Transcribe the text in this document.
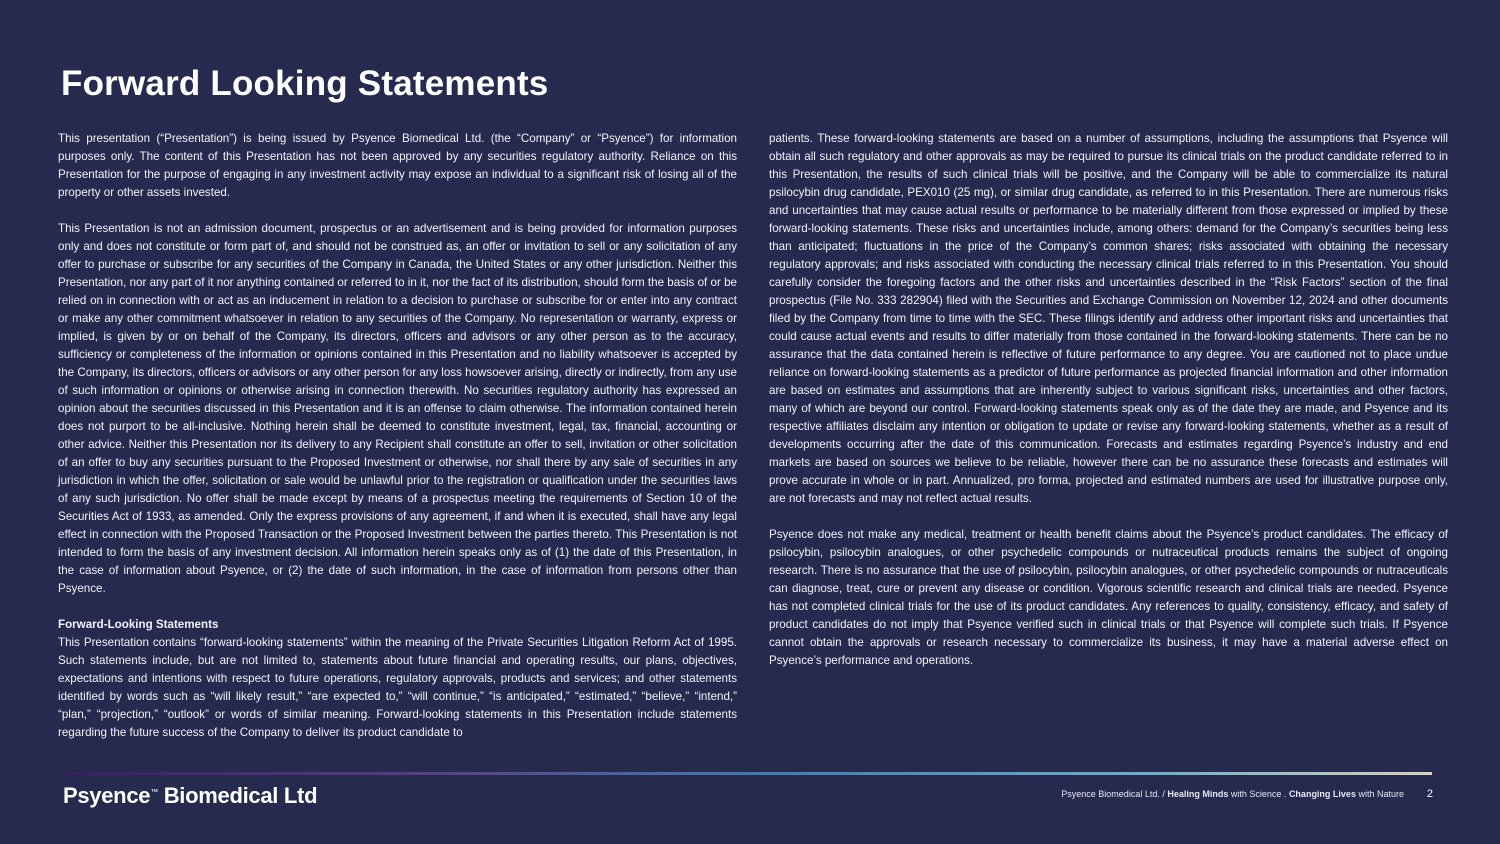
Forward Looking Statements

This presentation (“Presentation”) is being issued by Psyence Biomedical Ltd. (the “Company” or “Psyence”) for information purposes only. The content of this Presentation has not been approved by any securities regulatory authority. Reliance on this Presentation for the purpose of engaging in any investment activity may expose an individual to a significant risk of losing all of the property or other assets invested.

This Presentation is not an admission document, prospectus or an advertisement and is being provided for information purposes only and does not constitute or form part of, and should not be construed as, an offer or invitation to sell or any solicitation of any offer to purchase or subscribe for any securities of the Company in Canada, the United States or any other jurisdiction. Neither this Presentation, nor any part of it nor anything contained or referred to in it, nor the fact of its distribution, should form the basis of or be relied on in connection with or act as an inducement in relation to a decision to purchase or subscribe for or enter into any contract or make any other commitment whatsoever in relation to any securities of the Company. No representation or warranty, express or implied, is given by or on behalf of the Company, its directors, officers and advisors or any other person as to the accuracy, sufficiency or completeness of the information or opinions contained in this Presentation and no liability whatsoever is accepted by the Company, its directors, officers or advisors or any other person for any loss howsoever arising, directly or indirectly, from any use of such information or opinions or otherwise arising in connection therewith. No securities regulatory authority has expressed an opinion about the securities discussed in this Presentation and it is an offense to claim otherwise. The information contained herein does not purport to be all-inclusive. Nothing herein shall be deemed to constitute investment, legal, tax, financial, accounting or other advice. Neither this Presentation nor its delivery to any Recipient shall constitute an offer to sell, invitation or other solicitation of an offer to buy any securities pursuant to the Proposed Investment or otherwise, nor shall there by any sale of securities in any jurisdiction in which the offer, solicitation or sale would be unlawful prior to the registration or qualification under the securities laws of any such jurisdiction. No offer shall be made except by means of a prospectus meeting the requirements of Section 10 of the Securities Act of 1933, as amended. Only the express provisions of any agreement, if and when it is executed, shall have any legal effect in connection with the Proposed Transaction or the Proposed Investment between the parties thereto. This Presentation is not intended to form the basis of any investment decision. All information herein speaks only as of (1) the date of this Presentation, in the case of information about Psyence, or (2) the date of such information, in the case of information from persons other than Psyence.

Forward-Looking Statements
This Presentation contains “forward-looking statements” within the meaning of the Private Securities Litigation Reform Act of 1995. Such statements include, but are not limited to, statements about future financial and operating results, our plans, objectives, expectations and intentions with respect to future operations, regulatory approvals, products and services; and other statements identified by words such as “will likely result,” “are expected to,” “will continue,” “is anticipated,” “estimated,” “believe,” “intend,” “plan,” “projection,” “outlook” or words of similar meaning. Forward-looking statements in this Presentation include statements regarding the future success of the Company to deliver its product candidate to

patients. These forward-looking statements are based on a number of assumptions, including the assumptions that Psyence will obtain all such regulatory and other approvals as may be required to pursue its clinical trials on the product candidate referred to in this Presentation, the results of such clinical trials will be positive, and the Company will be able to commercialize its natural psilocybin drug candidate, PEX010 (25 mg), or similar drug candidate, as referred to in this Presentation. There are numerous risks and uncertainties that may cause actual results or performance to be materially different from those expressed or implied by these forward-looking statements. These risks and uncertainties include, among others: demand for the Company’s securities being less than anticipated; fluctuations in the price of the Company’s common shares; risks associated with obtaining the necessary regulatory approvals; and risks associated with conducting the necessary clinical trials referred to in this Presentation. You should carefully consider the foregoing factors and the other risks and uncertainties described in the “Risk Factors” section of the final prospectus (File No. 333 282904) filed with the Securities and Exchange Commission on November 12, 2024 and other documents filed by the Company from time to time with the SEC. These filings identify and address other important risks and uncertainties that could cause actual events and results to differ materially from those contained in the forward-looking statements. There can be no assurance that the data contained herein is reflective of future performance to any degree. You are cautioned not to place undue reliance on forward-looking statements as a predictor of future performance as projected financial information and other information are based on estimates and assumptions that are inherently subject to various significant risks, uncertainties and other factors, many of which are beyond our control. Forward-looking statements speak only as of the date they are made, and Psyence and its respective affiliates disclaim any intention or obligation to update or revise any forward-looking statements, whether as a result of developments occurring after the date of this communication. Forecasts and estimates regarding Psyence’s industry and end markets are based on sources we believe to be reliable, however there can be no assurance these forecasts and estimates will prove accurate in whole or in part. Annualized, pro forma, projected and estimated numbers are used for illustrative purpose only, are not forecasts and may not reflect actual results.

Psyence does not make any medical, treatment or health benefit claims about the Psyence’s product candidates. The efficacy of psilocybin, psilocybin analogues, or other psychedelic compounds or nutraceutical products remains the subject of ongoing research. There is no assurance that the use of psilocybin, psilocybin analogues, or other psychedelic compounds or nutraceuticals can diagnose, treat, cure or prevent any disease or condition. Vigorous scientific research and clinical trials are needed. Psyence has not completed clinical trials for the use of its product candidates. Any references to quality, consistency, efficacy, and safety of product candidates do not imply that Psyence verified such in clinical trials or that Psyence will complete such trials. If Psyence cannot obtain the approvals or research necessary to commercialize its business, it may have a material adverse effect on Psyence’s performance and operations.

Psyence™ Biomedical Ltd	Psyence Biomedical Ltd. / Healing Minds with Science . Changing Lives with Nature 2
